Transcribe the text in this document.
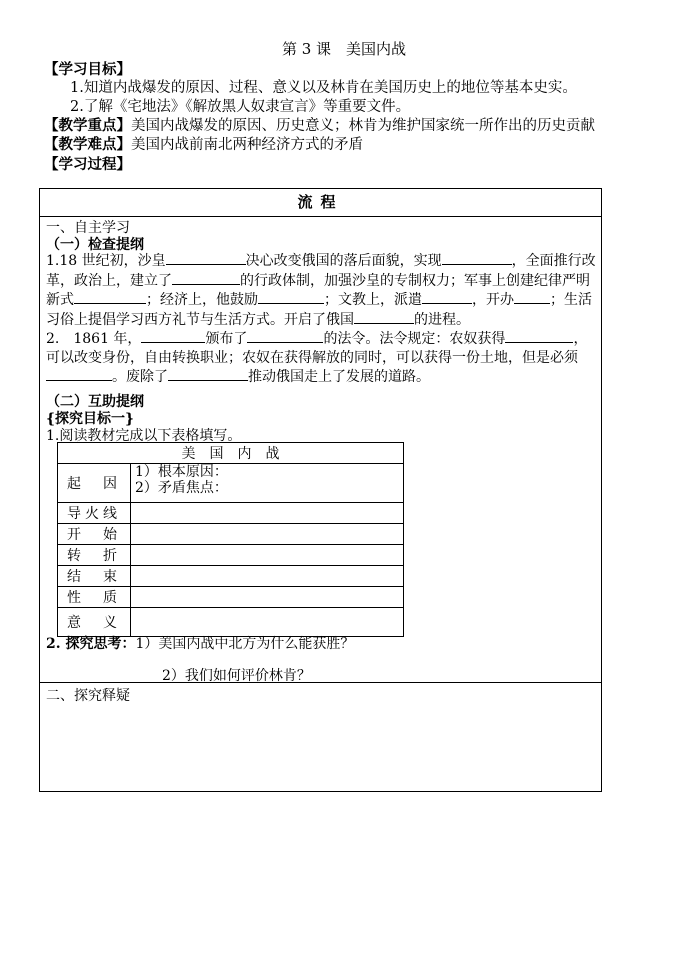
第 3 课　美国内战
【学习目标】
1.知道内战爆发的原因、过程、意义以及林肯在美国历史上的地位等基本史实。
2.了解《宅地法》《解放黑人奴隶宣言》等重要文件。
【教学重点】美国内战爆发的原因、历史意义；林肯为维护国家统一所作出的历史贡献
【教学难点】美国内战前南北两种经济方式的矛盾
【学习过程】
流程
一、自主学习
（一）检查提纲
1.18 世纪初，沙皇	决心改变俄国的落后面貌，实现	，全面推行改革，政治上，建立了	的行政体制，加强沙皇的专制权力；军事上创建纪律严明新式	；经济上，他鼓励	；文教上，派遣	，开办	；生活习俗上提倡学习西方礼节与生活方式。开启了俄国	的进程。
2.　1861 年，	颁布了	的法令。法令规定：农奴获得	，可以改变身份，自由转换职业；农奴在获得解放的同时，可以获得一份土地，但是必须。废除了	推动俄国走上了发展的道路。
（二）互助提纲
{探究目标一}
1.阅读教材完成以下表格填写。
美　国　内　战	
起　因	1）根本原因：
2）矛盾焦点：

导火线	
开　始	
转　折	
结　束	
性　质	
意　义	
2. 探究思考：1）美国内战中北方为什么能获胜？
2）我们如何评价林肯？
二、探究释疑
